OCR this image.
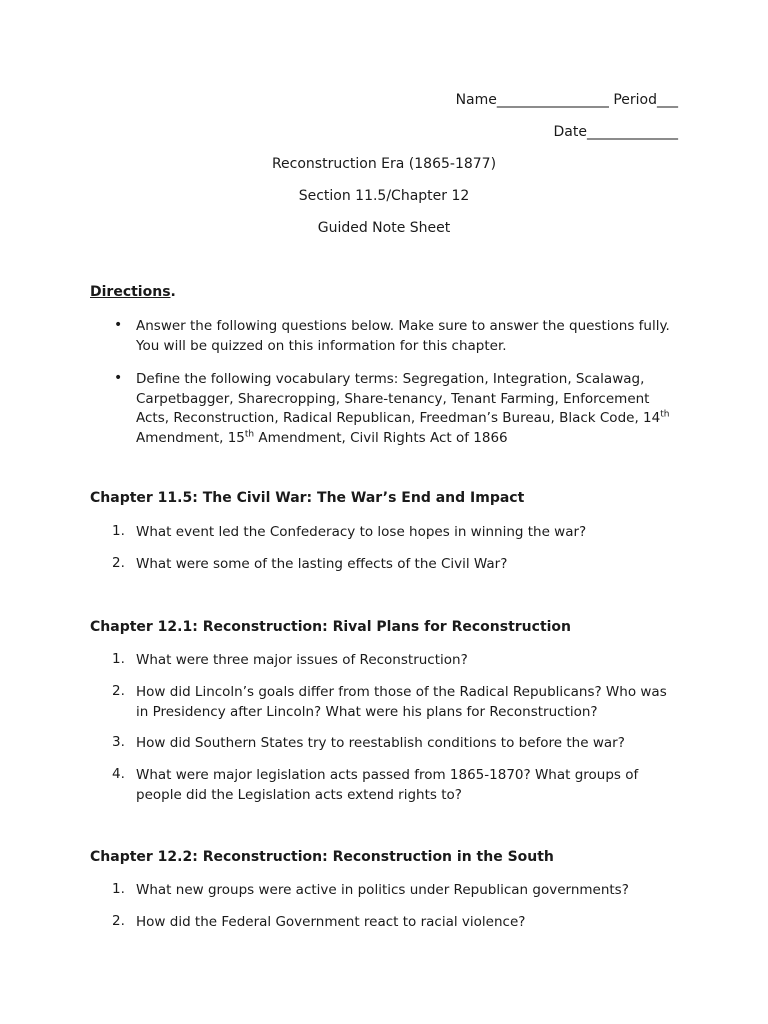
Name________________ Period___
Date_____________
Reconstruction Era (1865-1877)
Section 11.5/Chapter 12
Guided Note Sheet
Directions.
• Answer the following questions below. Make sure to answer the questions fully. You will be quizzed on this information for this chapter.
• Define the following vocabulary terms: Segregation, Integration, Scalawag, Carpetbagger, Sharecropping, Share-tenancy, Tenant Farming, Enforcement Acts, Reconstruction, Radical Republican, Freedman’s Bureau, Black Code, 14th Amendment, 15th Amendment, Civil Rights Act of 1866
Chapter 11.5: The Civil War: The War’s End and Impact
1. What event led the Confederacy to lose hopes in winning the war?
2. What were some of the lasting effects of the Civil War?
Chapter 12.1: Reconstruction: Rival Plans for Reconstruction
1. What were three major issues of Reconstruction?
2. How did Lincoln’s goals differ from those of the Radical Republicans? Who was in Presidency after Lincoln? What were his plans for Reconstruction?
3. How did Southern States try to reestablish conditions to before the war?
4. What were major legislation acts passed from 1865-1870? What groups of people did the Legislation acts extend rights to?
Chapter 12.2: Reconstruction: Reconstruction in the South
1. What new groups were active in politics under Republican governments?
2. How did the Federal Government react to racial violence?
